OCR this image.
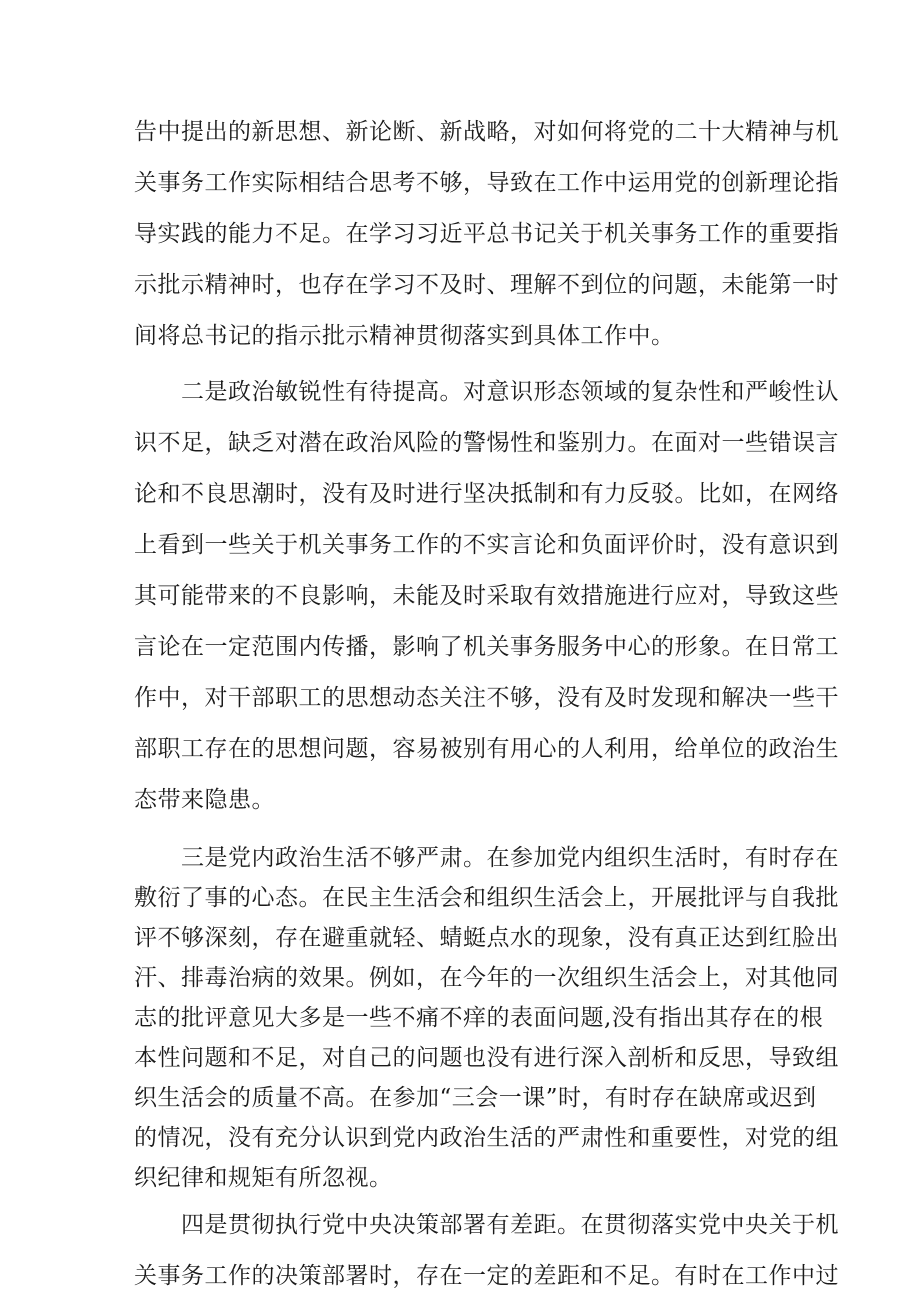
告中提出的新思想、新论断、新战略，对如何将党的二十大精神与机

关事务工作实际相结合思考不够，导致在工作中运用党的创新理论指

导实践的能力不足。在学习习近平总书记关于机关事务工作的重要指

示批示精神时，也存在学习不及时、理解不到位的问题，未能第一时

间将总书记的指示批示精神贯彻落实到具体工作中。

二是政治敏锐性有待提高。对意识形态领域的复杂性和严峻性认

识不足，缺乏对潜在政治风险的警惕性和鉴别力。在面对一些错误言

论和不良思潮时，没有及时进行坚决抵制和有力反驳。比如，在网络

上看到一些关于机关事务工作的不实言论和负面评价时，没有意识到

其可能带来的不良影响，未能及时采取有效措施进行应对，导致这些

言论在一定范围内传播，影响了机关事务服务中心的形象。在日常工

作中，对干部职工的思想动态关注不够，没有及时发现和解决一些干

部职工存在的思想问题，容易被别有用心的人利用，给单位的政治生

态带来隐患。

三是党内政治生活不够严肃。在参加党内组织生活时，有时存在

敷衍了事的心态。在民主生活会和组织生活会上，开展批评与自我批

评不够深刻，存在避重就轻、蜻蜓点水的现象，没有真正达到红脸出

汗、排毒治病的效果。例如，在今年的一次组织生活会上，对其他同

志的批评意见大多是一些不痛不痒的表面问题,没有指出其存在的根

本性问题和不足，对自己的问题也没有进行深入剖析和反思，导致组

织生活会的质量不高。在参加“三会一课”时，有时存在缺席或迟到

的情况，没有充分认识到党内政治生活的严肃性和重要性，对党的组

织纪律和规矩有所忽视。

四是贯彻执行党中央决策部署有差距。在贯彻落实党中央关于机

关事务工作的决策部署时，存在一定的差距和不足。有时在工作中过
